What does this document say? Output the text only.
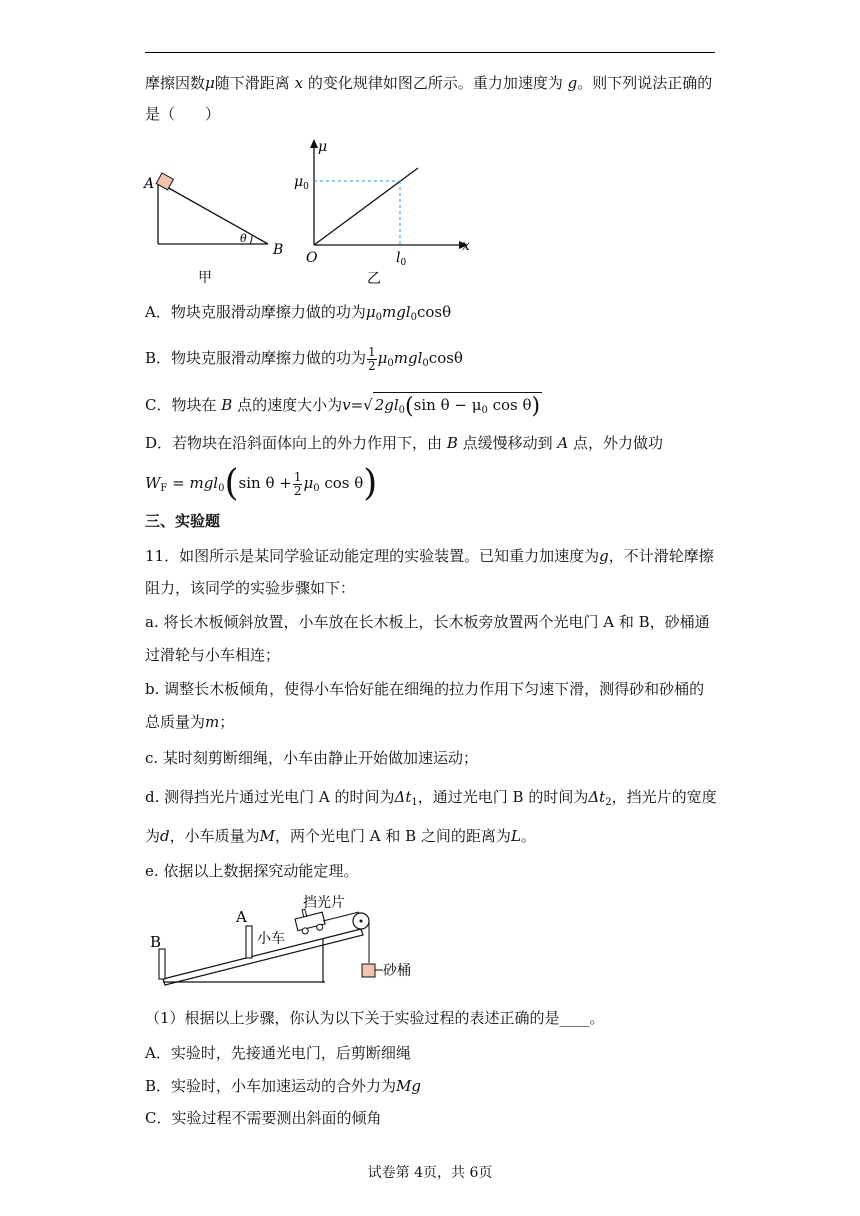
摩擦因数μ随下滑距离 x 的变化规律如图乙所示。重力加速度为 g。则下列说法正确的
是（　　）
A
B
θ
甲
μ
x
O
$\mu_0$
$l_0$
乙
A．物块克服滑动摩擦力做的功为$\mu_0mgl_0\cos\theta$
B．物块克服滑动摩擦力做的功为 $\frac{1}{2} \mu_0mgl_0\cos\theta$
C．物块在 B 点的速度大小为v=√ $2gl_0(\sin$ $\theta - \mu_0$ cos θ)
D．若物块在沿斜面体向上的外力作用下，由 B 点缓慢移动到 A 点，外力做功
$W_F = mgl_0(\sin$ $\theta + \frac{1}{2} \mu_0$ cos θ)
三、实验题
11．如图所示是某同学验证动能定理的实验装置。已知重力加速度为g，不计滑轮摩擦
阻力，该同学的实验步骤如下：
a. 将长木板倾斜放置，小车放在长木板上，长木板旁放置两个光电门 A 和 B，砂桶通
过滑轮与小车相连；
b. 调整长木板倾角，使得小车恰好能在细绳的拉力作用下匀速下滑，测得砂和砂桶的
总质量为m；
c. 某时刻剪断细绳，小车由静止开始做加速运动；
d. 测得挡光片通过光电门 A 的时间为$\Delta t_1$，通过光电门 B 的时间为$\Delta t_2$，挡光片的宽度
为d，小车质量为M，两个光电门 A 和 B 之间的距离为L。
e. 依据以上数据探究动能定理。
B
A
小车
挡光片
砂桶
（1）根据以上步骤，你认为以下关于实验过程的表述正确的是____。
A．实验时，先接通光电门，后剪断细绳
B．实验时，小车加速运动的合外力为Mg
C．实验过程不需要测出斜面的倾角
试卷第 4页，共 6页
